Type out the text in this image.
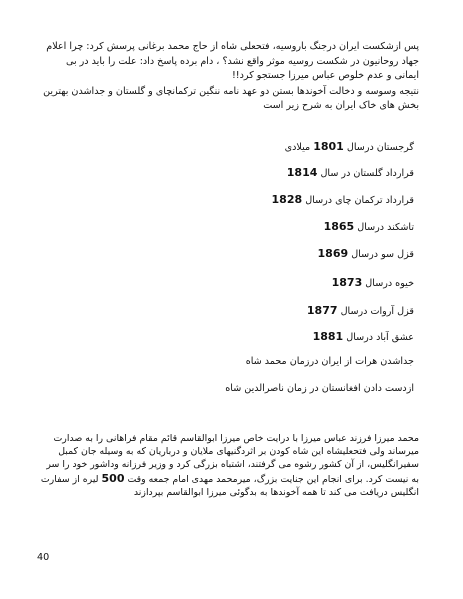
پس ازشکست ایران درجنگ باروسیه، فتحعلی شاه از حاج محمد برغانی پرسش کرد: چرا اعلام جهاد روحانیون در شکست روسیه موثر واقع نشد؟ ، دام برده پاسخ داد: علت را باید در بی ایمانی و عدم خلوص عباس میرزا جستجو کرد!!

نتیجه وسوسه و دخالت آخوندها بستن دو عهد نامه ننگین ترکمانچای و گلستان و جداشدن بهترین بخش های خاک ایران به شرح زیر است

گرجستان درسال 1801 میلادی
قرارداد گلستان در سال 1814
قرارداد ترکمان چای درسال 1828
تاشکند درسال 1865
قزل سو درسال 1869
خیوه درسال 1873
قزل آروات درسال 1877
عشق آباد درسال 1881
جداشدن هرات از ایران درزمان محمد شاه
ازدست دادن افغانستان در زمان ناصرالدین شاه
محمد میرزا فرزند عباس میرزا با درایت خاص میرزا ابوالقاسم قائم مقام فراهانی را به صدارت میرساند ولی فتحعلیشاه این شاه کودن بر اثردگنیهای ملایان و درباریان که به وسیله جان کمبل سفیرانگلیس، از آن کشور رشوه می گرفتند، اشتباه بزرگی کرد و وزیر فرزانه وداشور خود را سر به نیست کرد. برای انجام این جنایت بزرگ، میرمحمد مهدی امام جمعه وقت 500 لیره از سفارت انگلیس دریافت می کند تا همه آخوندها به بدگوئی میرزا ابوالقاسم بپردازند
40
